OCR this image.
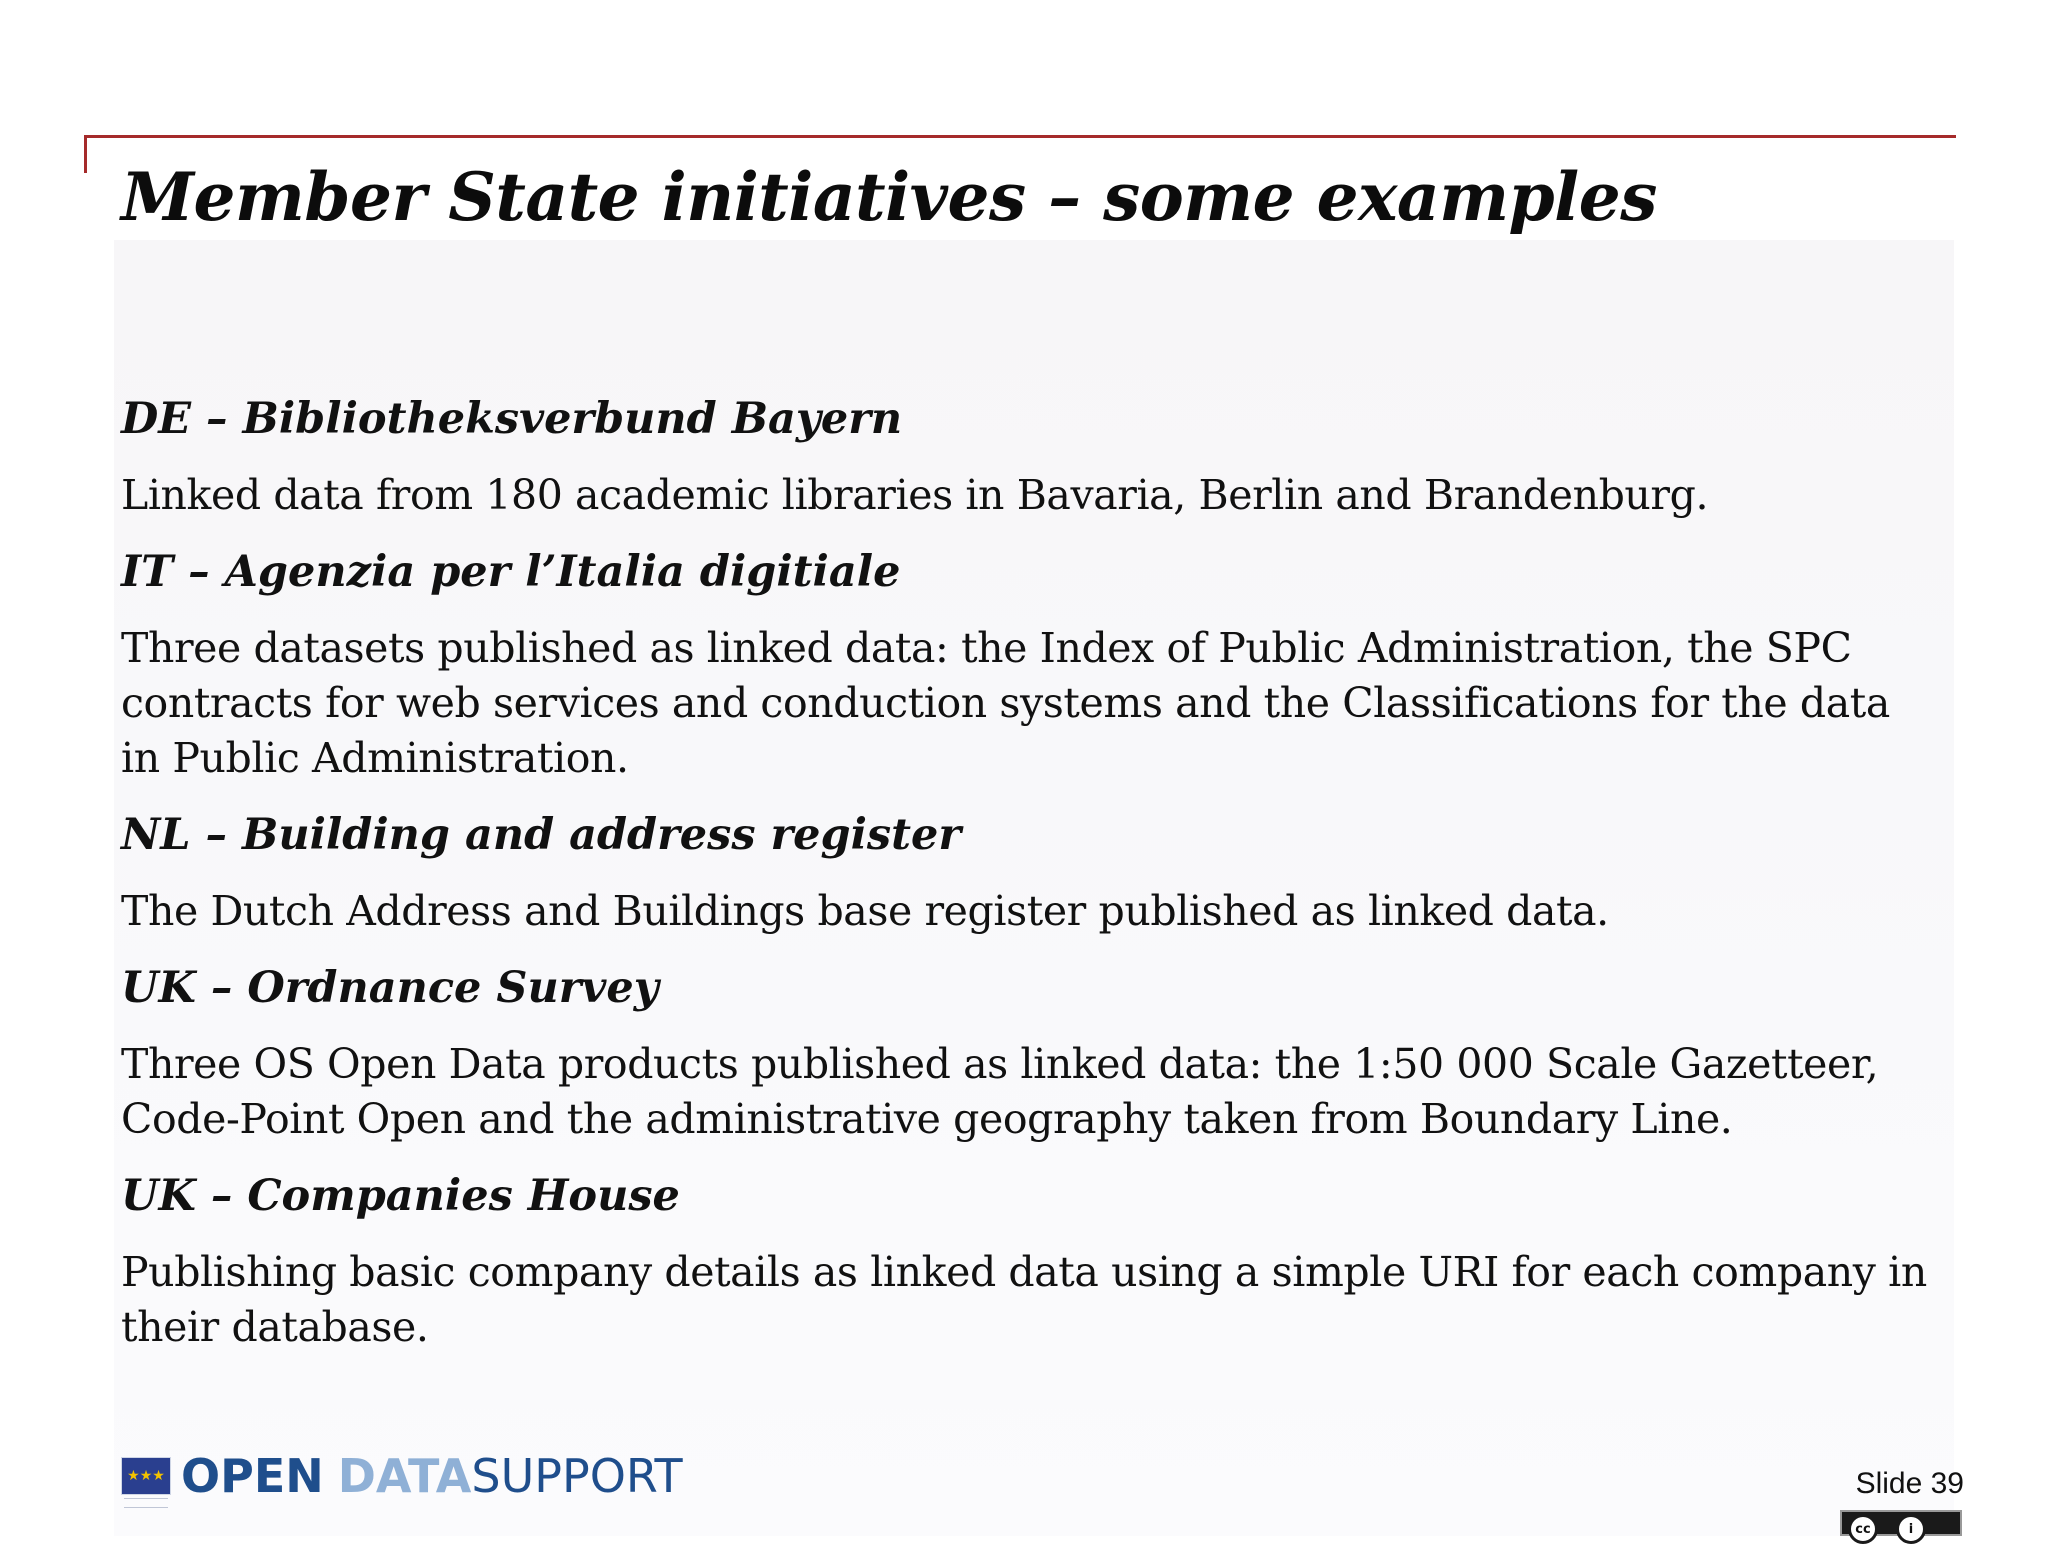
Member State initiatives – some examples
DE – Bibliotheksverbund Bayern

Linked data from 180 academic libraries in Bavaria, Berlin and Brandenburg.

IT – Agenzia per l’Italia digitiale

Three datasets published as linked data: the Index of Public Administration, the SPC contracts for web services and conduction systems and the Classifications for the data in Public Administration.

NL – Building and address register

The Dutch Address and Buildings base register published as linked data.

UK – Ordnance Survey

Three OS Open Data products published as linked data: the 1:50 000 Scale Gazetteer, Code-Point Open and the administrative geography taken from Boundary Line.

UK – Companies House

Publishing basic company details as linked data using a simple URI for each company in their database.

★★★ OPEN DATASUPPORT	Slide 39
cc	i
